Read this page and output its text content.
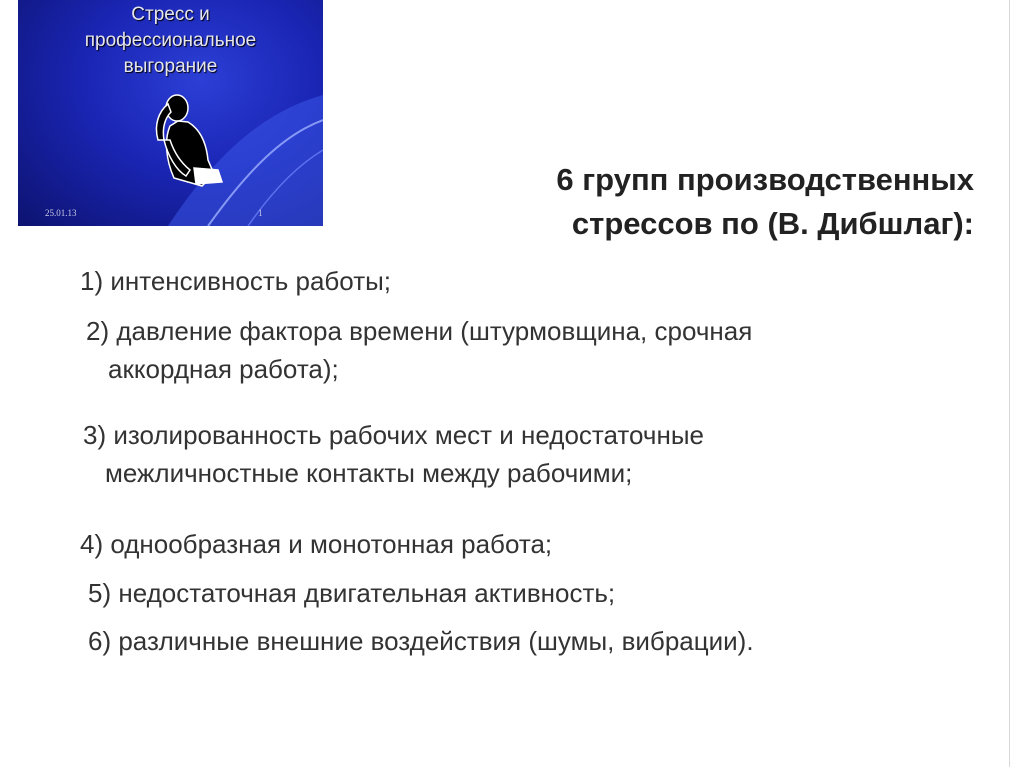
Стресс и
профессиональное
выгорание
25.01.13	1
6 групп производственных
стрессов по (В. Дибшлаг):
1) интенсивность работы;
2) давление фактора времени (штурмовщина, срочная
аккордная работа);
3) изолированность рабочих мест и недостаточные
межличностные контакты между рабочими;
4) однообразная и монотонная работа;
5) недостаточная двигательная активность;
6) различные внешние воздействия (шумы, вибрации).
